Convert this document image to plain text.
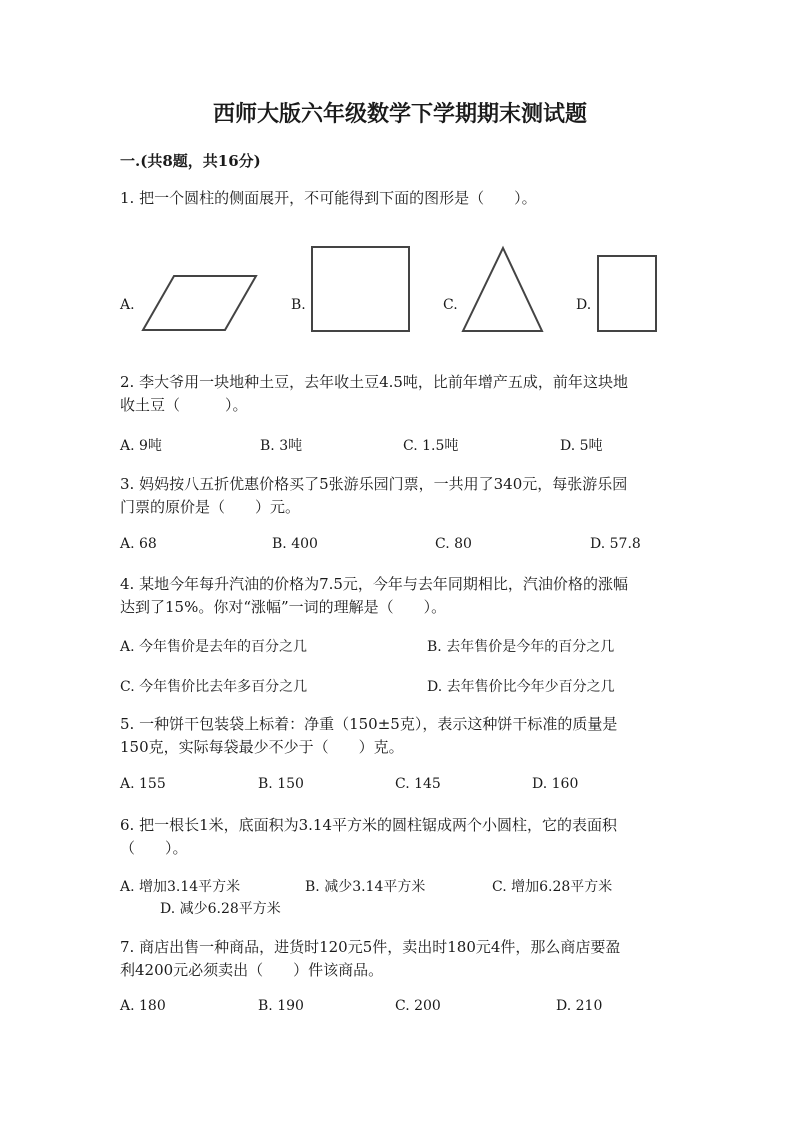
西师大版六年级数学下学期期末测试题
一.(共8题，共16分)
1. 把一个圆柱的侧面展开，不可能得到下面的图形是（　　）。
A.	B.	C.	D.
2. 李大爷用一块地种土豆，去年收土豆4.5吨，比前年增产五成，前年这块地
收土豆（　　　）。
A. 9吨	B. 3吨	C. 1.5吨	D. 5吨
3. 妈妈按八五折优惠价格买了5张游乐园门票，一共用了340元，每张游乐园
门票的原价是（　　）元。
A. 68	B. 400	C. 80	D. 57.8
4. 某地今年每升汽油的价格为7.5元，今年与去年同期相比，汽油价格的涨幅
达到了15%。你对“涨幅”一词的理解是（　　）。
A. 今年售价是去年的百分之几	B. 去年售价是今年的百分之几
C. 今年售价比去年多百分之几	D. 去年售价比今年少百分之几
5. 一种饼干包装袋上标着：净重（150±5克），表示这种饼干标准的质量是
150克，实际每袋最少不少于（　　）克。
A. 155	B. 150	C. 145	D. 160
6. 把一根长1米，底面积为3.14平方米的圆柱锯成两个小圆柱，它的表面积
（　　）。
A. 增加3.14平方米	B. 减少3.14平方米	C. 增加6.28平方米
D. 减少6.28平方米
7. 商店出售一种商品，进货时120元5件，卖出时180元4件，那么商店要盈
利4200元必须卖出（　　）件该商品。
A. 180	B. 190	C. 200	D. 210
